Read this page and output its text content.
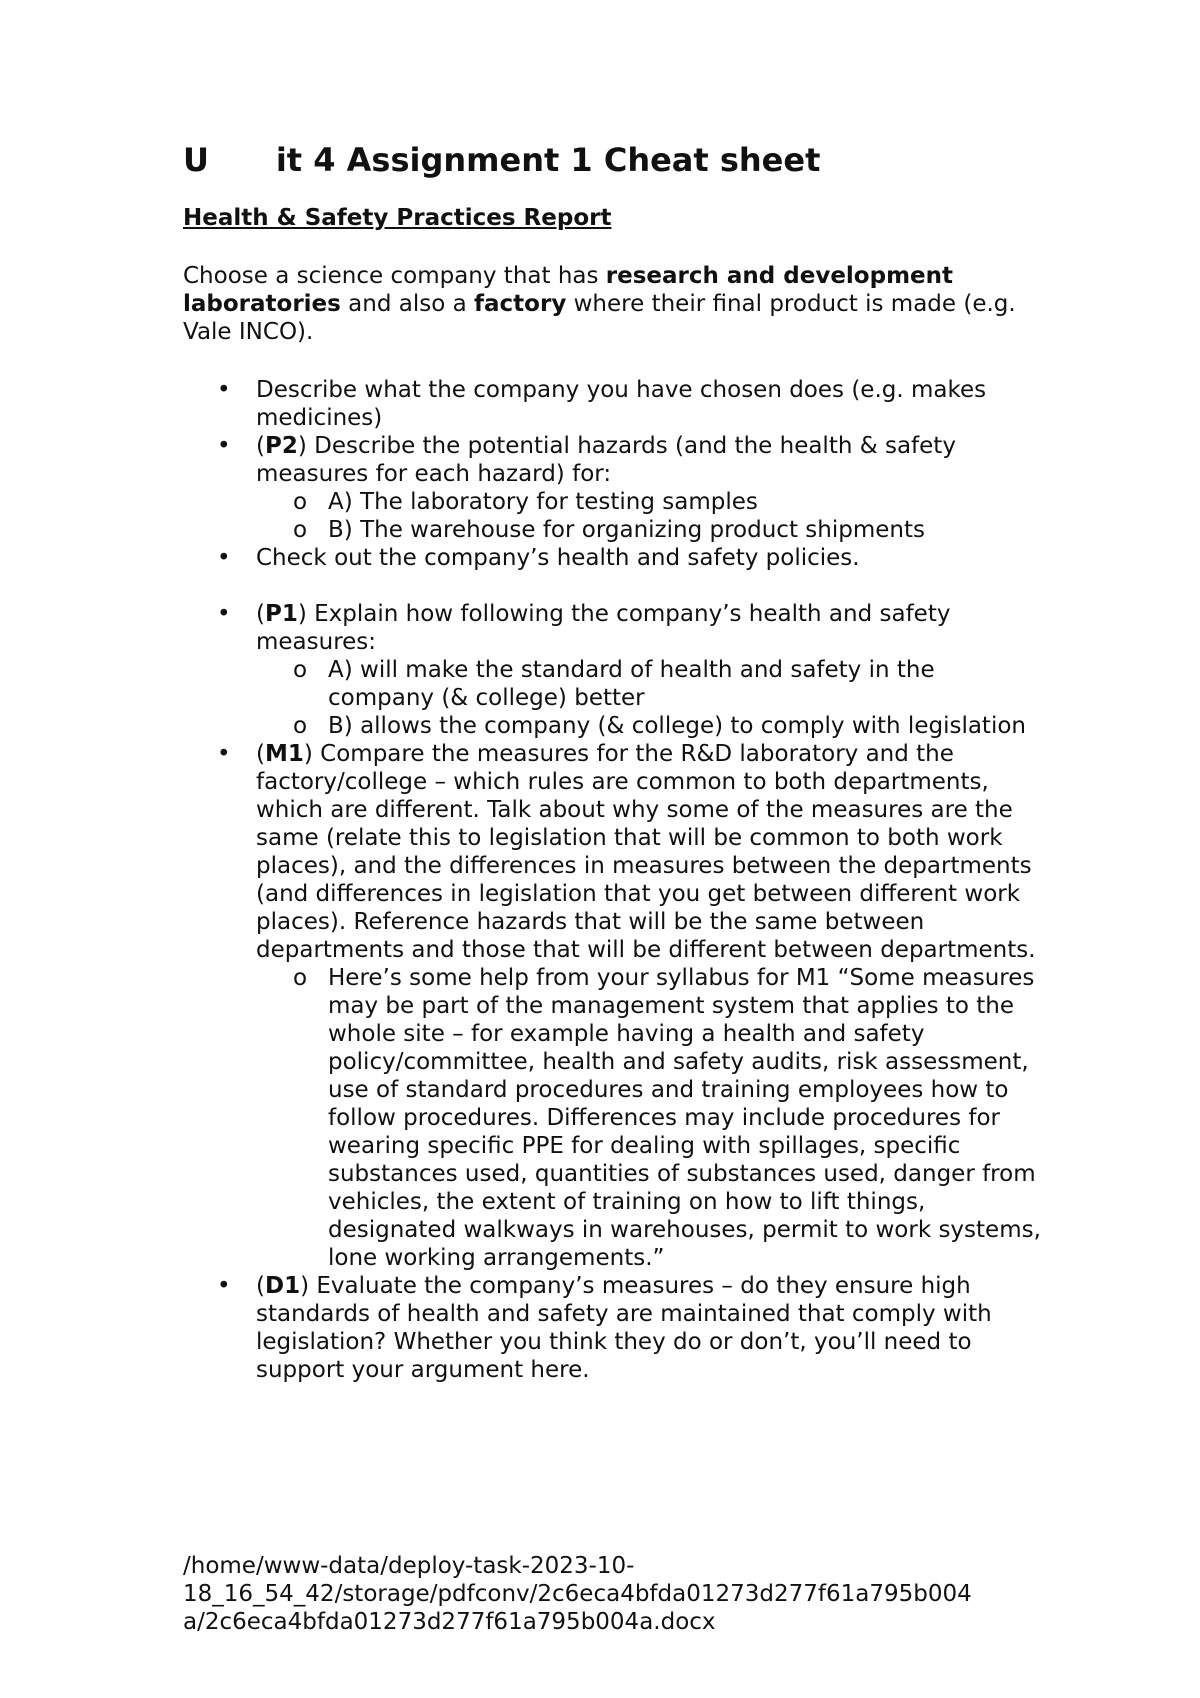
U      it 4 Assignment 1 Cheat sheet
Health & Safety Practices Report

Choose a science company that has research and development laboratories and also a factory where their final product is made (e.g. Vale INCO).

• Describe what the company you have chosen does (e.g. makes medicines)
• (P2) Describe the potential hazards (and the health & safety measures for each hazard) for:
o A) The laboratory for testing samples
o B) The warehouse for organizing product shipments
• Check out the company’s health and safety policies.
• (P1) Explain how following the company’s health and safety measures:
o A) will make the standard of health and safety in the company (& college) better
o B) allows the company (& college) to comply with legislation
• (M1) Compare the measures for the R&D laboratory and the factory/college – which rules are common to both departments, which are different. Talk about why some of the measures are the same (relate this to legislation that will be common to both work places), and the differences in measures between the departments (and differences in legislation that you get between different work places). Reference hazards that will be the same between departments and those that will be different between departments.
o Here’s some help from your syllabus for M1 “Some measures may be part of the management system that applies to the whole site – for example having a health and safety policy/committee, health and safety audits, risk assessment, use of standard procedures and training employees how to follow procedures. Differences may include procedures for wearing specific PPE for dealing with spillages, specific substances used, quantities of substances used, danger from vehicles, the extent of training on how to lift things, designated walkways in warehouses, permit to work systems, lone working arrangements.”
• (D1) Evaluate the company’s measures – do they ensure high standards of health and safety are maintained that comply with legislation? Whether you think they do or don’t, you’ll need to support your argument here.
/home/www-data/deploy-task-2023-10-
18_16_54_42/storage/pdfconv/2c6eca4bfda01273d277f61a795b004
a/2c6eca4bfda01273d277f61a795b004a.docx
